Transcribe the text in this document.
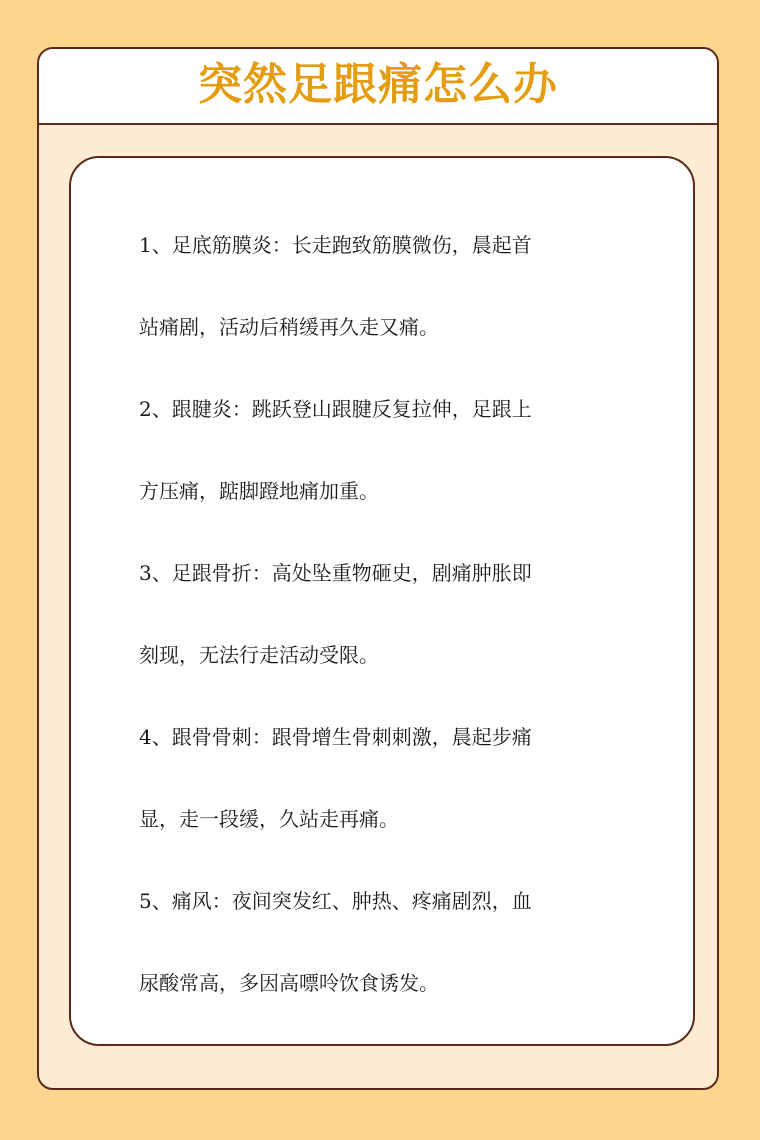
突然足跟痛怎么办
1、足底筋膜炎：长走跑致筋膜微伤，晨起首
站痛剧，活动后稍缓再久走又痛。
2、跟腱炎：跳跃登山跟腱反复拉伸，足跟上
方压痛，踮脚蹬地痛加重。
3、足跟骨折：高处坠重物砸史，剧痛肿胀即
刻现，无法行走活动受限。
4、跟骨骨刺：跟骨增生骨刺刺激，晨起步痛
显，走一段缓，久站走再痛。
5、痛风：夜间突发红、肿热、疼痛剧烈，血
尿酸常高，多因高嘌呤饮食诱发。
